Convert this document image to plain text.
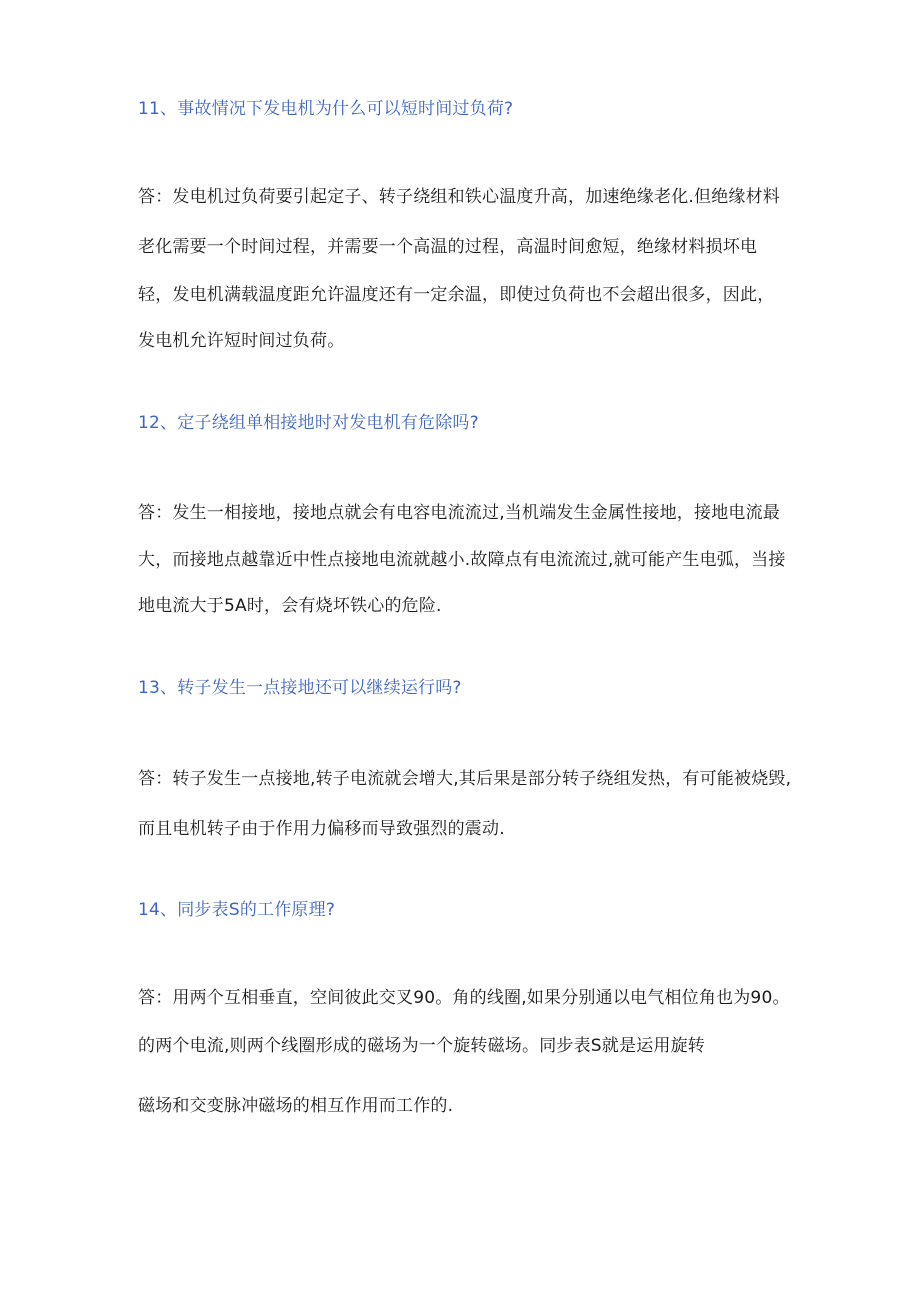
11、事故情况下发电机为什么可以短时间过负荷?
答：发电机过负荷要引起定子、转子绕组和铁心温度升高，加速绝缘老化.但绝缘材料
老化需要一个时间过程，并需要一个高温的过程，高温时间愈短，绝缘材料损坏电
轻，发电机满载温度距允许温度还有一定余温，即使过负荷也不会超出很多，因此，
发电机允许短时间过负荷。
12、定子绕组单相接地时对发电机有危除吗?
答：发生一相接地，接地点就会有电容电流流过,当机端发生金属性接地，接地电流最
大，而接地点越靠近中性点接地电流就越小.故障点有电流流过,就可能产生电弧，当接
地电流大于5A时，会有烧坏铁心的危险.
13、转子发生一点接地还可以继续运行吗?
答：转子发生一点接地,转子电流就会增大,其后果是部分转子绕组发热，有可能被烧毁,
而且电机转子由于作用力偏移而导致强烈的震动.
14、同步表S的工作原理?
答：用两个互相垂直，空间彼此交叉90。角的线圈,如果分别通以电气相位角也为90。
的两个电流,则两个线圈形成的磁场为一个旋转磁场。同步表S就是运用旋转
磁场和交变脉冲磁场的相互作用而工作的.
